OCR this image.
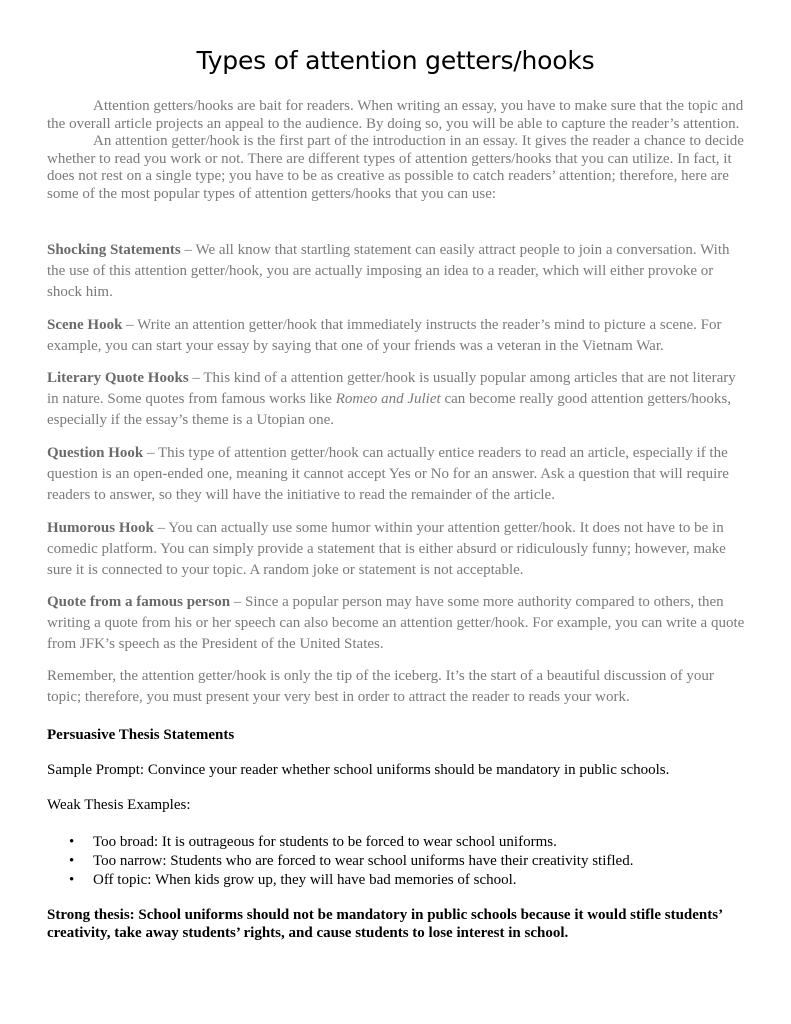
Types of attention getters/hooks

Attention getters/hooks are bait for readers. When writing an essay, you have to make sure that the topic and the overall article projects an appeal to the audience. By doing so, you will be able to capture the reader’s attention.

An attention getter/hook is the first part of the introduction in an essay. It gives the reader a chance to decide whether to read you work or not. There are different types of attention getters/hooks that you can utilize. In fact, it does not rest on a single type; you have to be as creative as possible to catch readers’ attention; therefore, here are some of the most popular types of attention getters/hooks that you can use:

Shocking Statements – We all know that startling statement can easily attract people to join a conversation. With the use of this attention getter/hook, you are actually imposing an idea to a reader, which will either provoke or shock him.

Scene Hook – Write an attention getter/hook that immediately instructs the reader’s mind to picture a scene. For example, you can start your essay by saying that one of your friends was a veteran in the Vietnam War.

Literary Quote Hooks – This kind of a attention getter/hook is usually popular among articles that are not literary in nature. Some quotes from famous works like Romeo and Juliet can become really good attention getters/hooks, especially if the essay’s theme is a Utopian one.

Question Hook – This type of attention getter/hook can actually entice readers to read an article, especially if the question is an open-ended one, meaning it cannot accept Yes or No for an answer. Ask a question that will require readers to answer, so they will have the initiative to read the remainder of the article.

Humorous Hook – You can actually use some humor within your attention getter/hook. It does not have to be in comedic platform. You can simply provide a statement that is either absurd or ridiculously funny; however, make sure it is connected to your topic. A random joke or statement is not acceptable.

Quote from a famous person – Since a popular person may have some more authority compared to others, then writing a quote from his or her speech can also become an attention getter/hook. For example, you can write a quote from JFK’s speech as the President of the United States.

Remember, the attention getter/hook is only the tip of the iceberg. It’s the start of a beautiful discussion of your topic; therefore, you must present your very best in order to attract the reader to reads your work.

Persuasive Thesis Statements

Sample Prompt: Convince your reader whether school uniforms should be mandatory in public schools.

Weak Thesis Examples:

• Too broad: It is outrageous for students to be forced to wear school uniforms.
• Too narrow: Students who are forced to wear school uniforms have their creativity stifled.
• Off topic: When kids grow up, they will have bad memories of school.

Strong thesis: School uniforms should not be mandatory in public schools because it would stifle students’ creativity, take away students’ rights, and cause students to lose interest in school.
